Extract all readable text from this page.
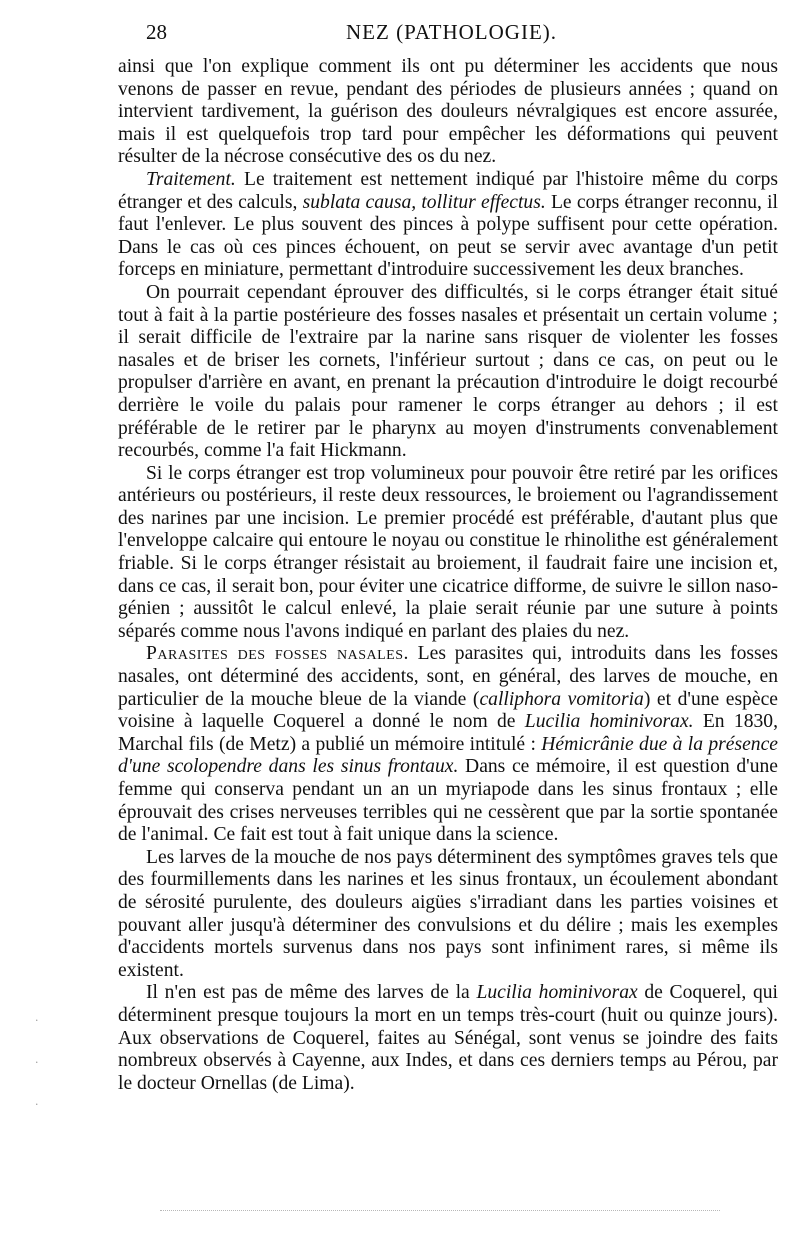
28	NEZ (PATHOLOGIE).

ainsi que l'on explique comment ils ont pu déterminer les accidents que nous venons de passer en revue, pendant des périodes de plusieurs années ; quand on intervient tardivement, la guérison des douleurs névralgiques est encore assurée, mais il est quelquefois trop tard pour empêcher les déformations qui peuvent résulter de la nécrose consécutive des os du nez.

Traitement. Le traitement est nettement indiqué par l'histoire même du corps étranger et des calculs, sublata causa, tollitur effectus. Le corps étranger reconnu, il faut l'enlever. Le plus souvent des pinces à polype suffisent pour cette opération. Dans le cas où ces pinces échouent, on peut se servir avec avantage d'un petit forceps en miniature, permettant d'introduire successivement les deux branches.

On pourrait cependant éprouver des difficultés, si le corps étranger était situé tout à fait à la partie postérieure des fosses nasales et présentait un certain volume ; il serait difficile de l'extraire par la narine sans risquer de violenter les fosses nasales et de briser les cornets, l'inférieur surtout ; dans ce cas, on peut ou le propulser d'arrière en avant, en prenant la précaution d'introduire le doigt recourbé derrière le voile du palais pour ramener le corps étranger au dehors ; il est préférable de le retirer par le pharynx au moyen d'instruments convenablement recourbés, comme l'a fait Hickmann.

Si le corps étranger est trop volumineux pour pouvoir être retiré par les orifices antérieurs ou postérieurs, il reste deux ressources, le broiement ou l'agrandissement des narines par une incision. Le premier procédé est préférable, d'autant plus que l'enveloppe calcaire qui entoure le noyau ou constitue le rhinolithe est généralement friable. Si le corps étranger résistait au broiement, il faudrait faire une incision et, dans ce cas, il serait bon, pour éviter une cicatrice difforme, de suivre le sillon naso-génien ; aussitôt le calcul enlevé, la plaie serait réunie par une suture à points séparés comme nous l'avons indiqué en parlant des plaies du nez.

Parasites des fosses nasales. Les parasites qui, introduits dans les fosses nasales, ont déterminé des accidents, sont, en général, des larves de mouche, en particulier de la mouche bleue de la viande (calliphora vomitoria) et d'une espèce voisine à laquelle Coquerel a donné le nom de Lucilia hominivorax. En 1830, Marchal fils (de Metz) a publié un mémoire intitulé : Hémicrânie due à la présence d'une scolopendre dans les sinus frontaux. Dans ce mémoire, il est question d'une femme qui conserva pendant un an un myriapode dans les sinus frontaux ; elle éprouvait des crises nerveuses terribles qui ne cessèrent que par la sortie spontanée de l'animal. Ce fait est tout à fait unique dans la science.

Les larves de la mouche de nos pays déterminent des symptômes graves tels que des fourmillements dans les narines et les sinus frontaux, un écoulement abondant de sérosité purulente, des douleurs aigües s'irradiant dans les parties voisines et pouvant aller jusqu'à déterminer des convulsions et du délire ; mais les exemples d'accidents mortels survenus dans nos pays sont infiniment rares, si même ils existent.

Il n'en est pas de même des larves de la Lucilia hominivorax de Coquerel, qui déterminent presque toujours la mort en un temps très-court (huit ou quinze jours). Aux observations de Coquerel, faites au Sénégal, sont venus se joindre des faits nombreux observés à Cayenne, aux Indes, et dans ces derniers temps au Pérou, par le docteur Ornellas (de Lima).

·
·
·
